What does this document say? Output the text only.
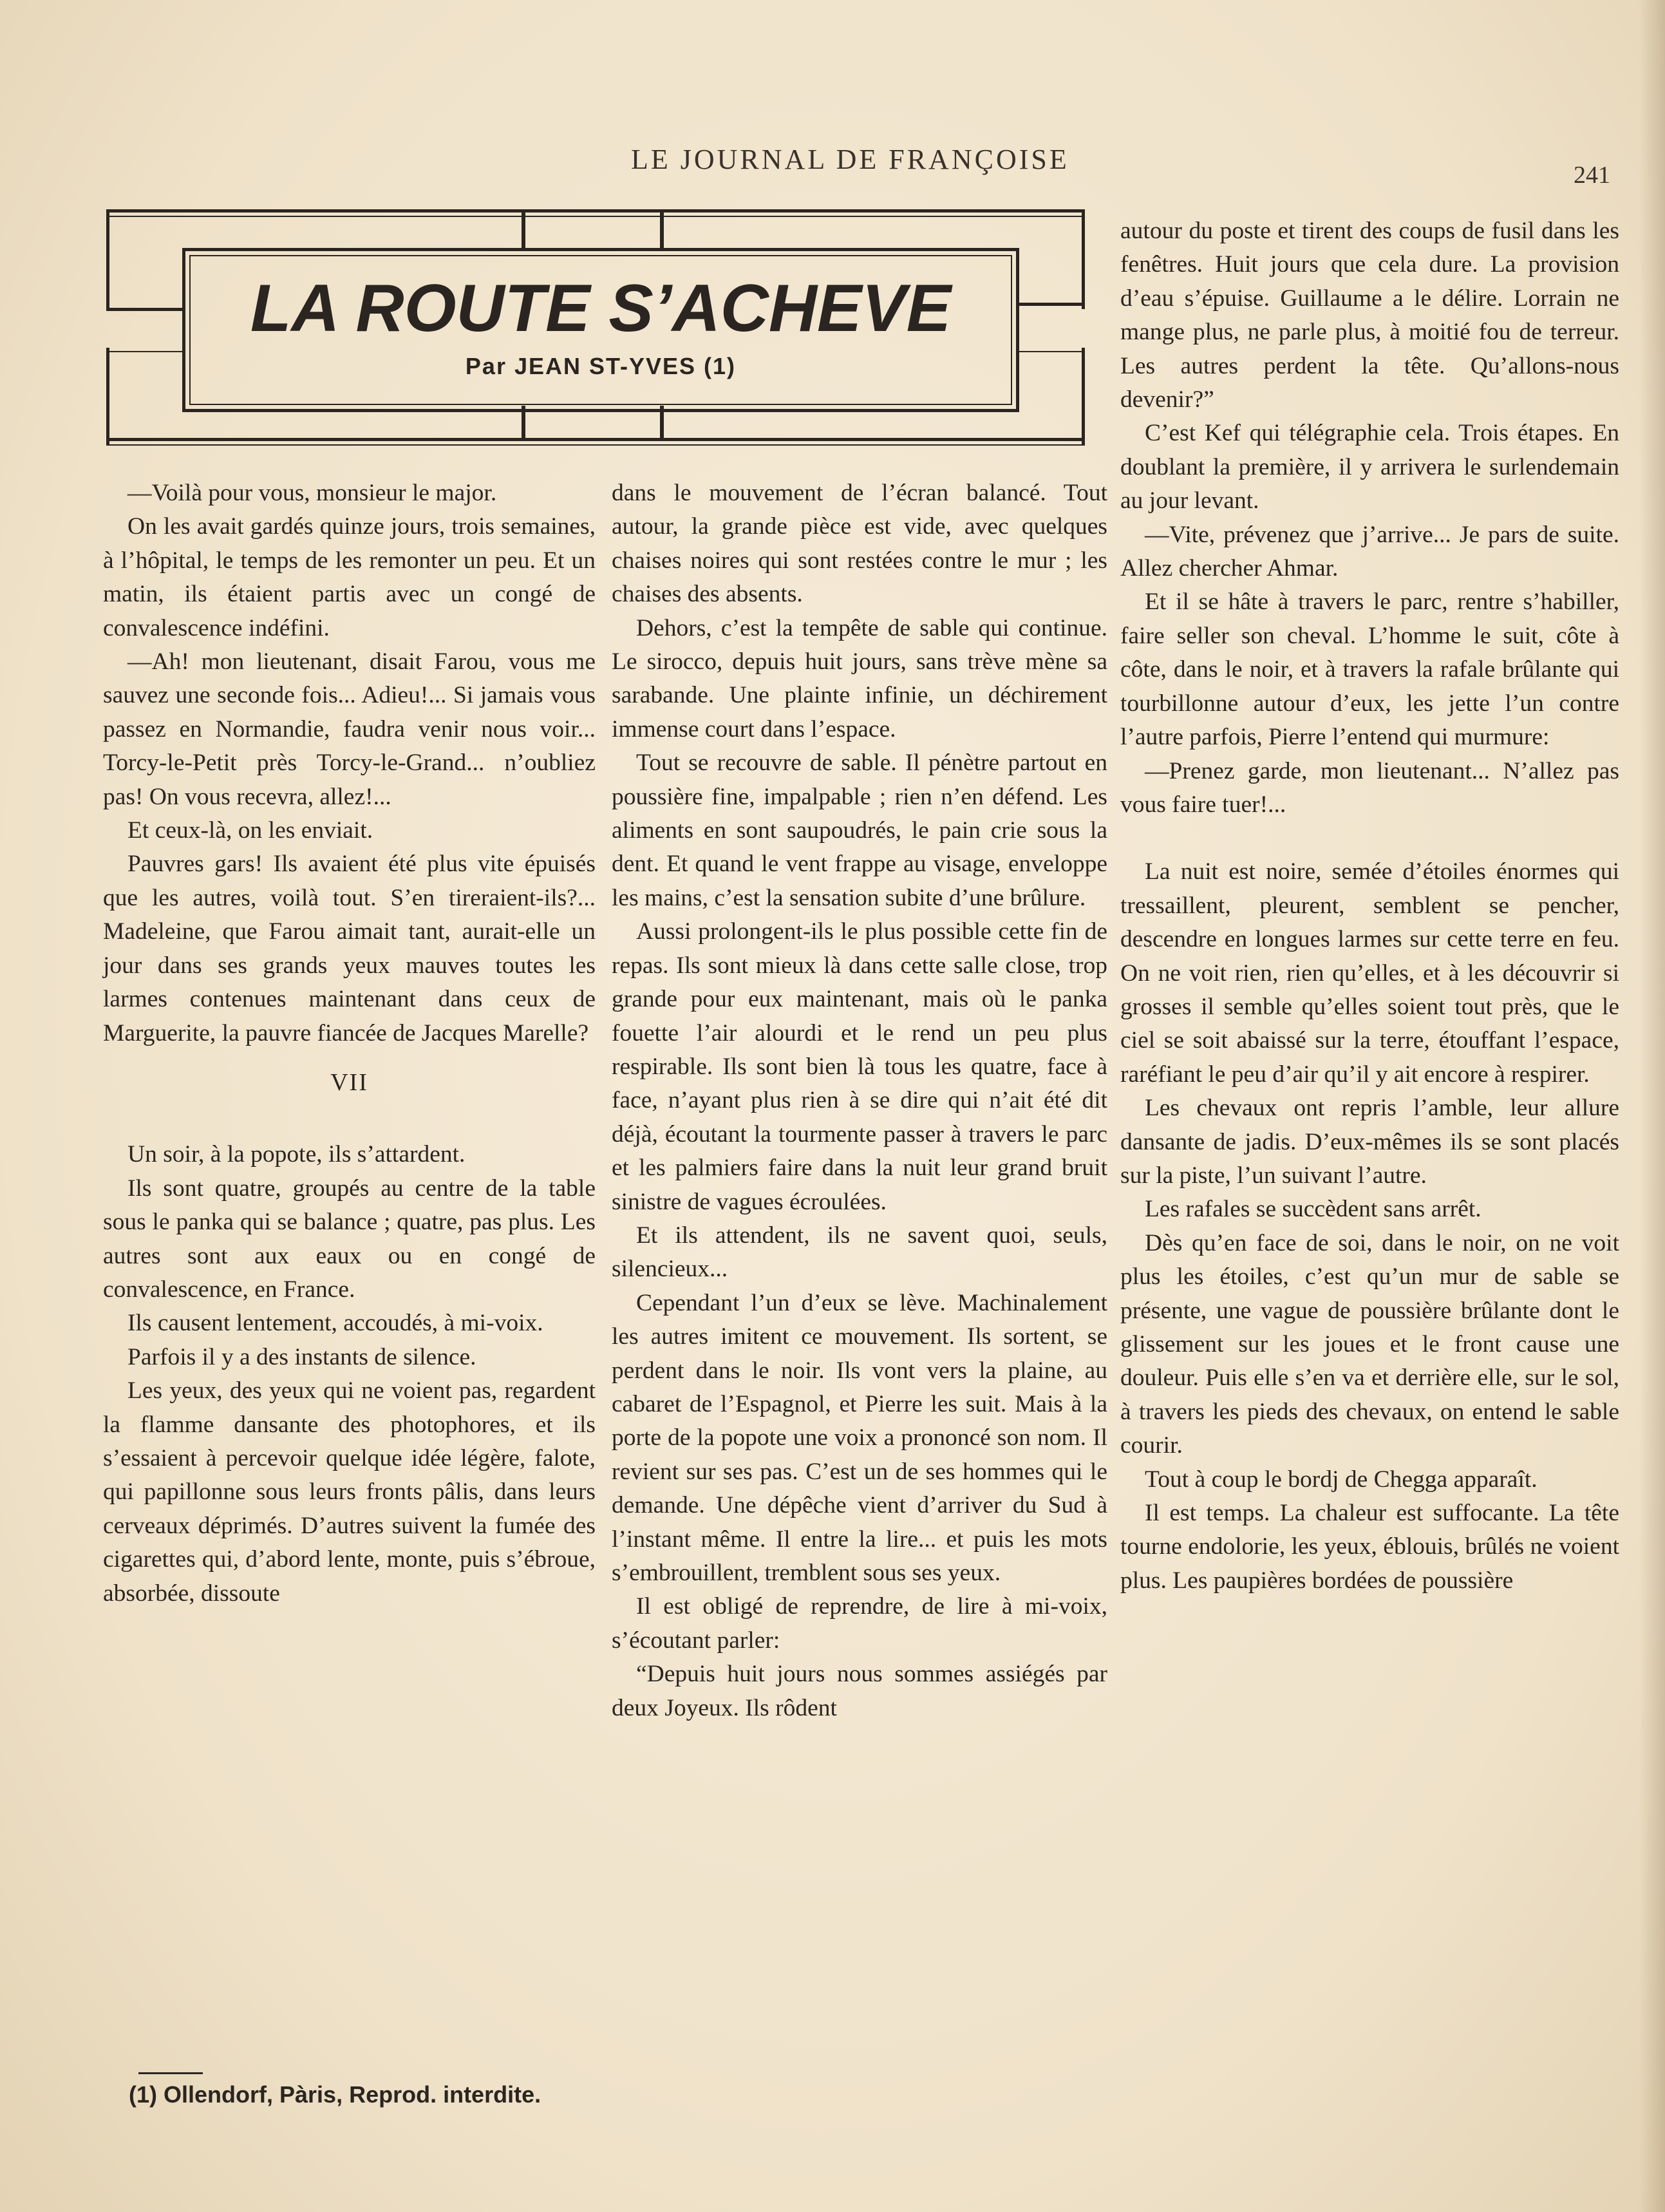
LE JOURNAL DE FRANÇOISE	241
LA ROUTE S’ACHEVE
Par JEAN ST-YVES (1)

—Voilà pour vous, monsieur le major.

On les avait gardés quinze jours, trois semaines, à l’hôpital, le temps de les remonter un peu. Et un matin, ils étaient partis avec un congé de convalescence indéfini.

—Ah! mon lieutenant, disait Farou, vous me sauvez une seconde fois... Adieu!... Si jamais vous passez en Normandie, faudra venir nous voir... Torcy-le-Petit près Torcy-le-Grand... n’oubliez pas! On vous recevra, allez!...

Et ceux-là, on les enviait.

Pauvres gars! Ils avaient été plus vite épuisés que les autres, voilà tout. S’en tireraient-ils?... Madeleine, que Farou aimait tant, aurait-elle un jour dans ses grands yeux mauves toutes les larmes contenues maintenant dans ceux de Marguerite, la pauvre fiancée de Jacques Marelle?

VII

Un soir, à la popote, ils s’attardent.

Ils sont quatre, groupés au centre de la table sous le panka qui se balance ; quatre, pas plus. Les autres sont aux eaux ou en congé de convalescence, en France.

Ils causent lentement, accoudés, à mi-voix.

Parfois il y a des instants de silence.

Les yeux, des yeux qui ne voient pas, regardent la flamme dansante des photophores, et ils s’essaient à percevoir quelque idée légère, falote, qui papillonne sous leurs fronts pâlis, dans leurs cerveaux déprimés. D’autres suivent la fumée des cigarettes qui, d’abord lente, monte, puis s’ébroue, absorbée, dissoute

dans le mouvement de l’écran balancé. Tout autour, la grande pièce est vide, avec quelques chaises noires qui sont restées contre le mur ; les chaises des absents.

Dehors, c’est la tempête de sable qui continue. Le sirocco, depuis huit jours, sans trève mène sa sarabande. Une plainte infinie, un déchirement immense court dans l’espace.

Tout se recouvre de sable. Il pénètre partout en poussière fine, impalpable ; rien n’en défend. Les aliments en sont saupoudrés, le pain crie sous la dent. Et quand le vent frappe au visage, enveloppe les mains, c’est la sensation subite d’une brûlure.

Aussi prolongent-ils le plus possible cette fin de repas. Ils sont mieux là dans cette salle close, trop grande pour eux maintenant, mais où le panka fouette l’air alourdi et le rend un peu plus respirable. Ils sont bien là tous les quatre, face à face, n’ayant plus rien à se dire qui n’ait été dit déjà, écoutant la tourmente passer à travers le parc et les palmiers faire dans la nuit leur grand bruit sinistre de vagues écroulées.

Et ils attendent, ils ne savent quoi, seuls, silencieux...

Cependant l’un d’eux se lève. Machinalement les autres imitent ce mouvement. Ils sortent, se perdent dans le noir. Ils vont vers la plaine, au cabaret de l’Espagnol, et Pierre les suit. Mais à la porte de la popote une voix a prononcé son nom. Il revient sur ses pas. C’est un de ses hommes qui le demande. Une dépêche vient d’arriver du Sud à l’instant même. Il entre la lire... et puis les mots s’embrouillent, tremblent sous ses yeux.

Il est obligé de reprendre, de lire à mi-voix, s’écoutant parler:

“Depuis huit jours nous sommes assiégés par deux Joyeux. Ils rôdent

autour du poste et tirent des coups de fusil dans les fenêtres. Huit jours que cela dure. La provision d’eau s’épuise. Guillaume a le délire. Lorrain ne mange plus, ne parle plus, à moitié fou de terreur. Les autres perdent la tête. Qu’allons-nous devenir?”

C’est Kef qui télégraphie cela. Trois étapes. En doublant la première, il y arrivera le surlendemain au jour levant.

—Vite, prévenez que j’arrive... Je pars de suite. Allez chercher Ahmar.

Et il se hâte à travers le parc, rentre s’habiller, faire seller son cheval. L’homme le suit, côte à côte, dans le noir, et à travers la rafale brûlante qui tourbillonne autour d’eux, les jette l’un contre l’autre parfois, Pierre l’entend qui murmure:

—Prenez garde, mon lieutenant... N’allez pas vous faire tuer!...

La nuit est noire, semée d’étoiles énormes qui tressaillent, pleurent, semblent se pencher, descendre en longues larmes sur cette terre en feu. On ne voit rien, rien qu’elles, et à les découvrir si grosses il semble qu’elles soient tout près, que le ciel se soit abaissé sur la terre, étouffant l’espace, raréfiant le peu d’air qu’il y ait encore à respirer.

Les chevaux ont repris l’amble, leur allure dansante de jadis. D’eux-mêmes ils se sont placés sur la piste, l’un suivant l’autre.

Les rafales se succèdent sans arrêt.

Dès qu’en face de soi, dans le noir, on ne voit plus les étoiles, c’est qu’un mur de sable se présente, une vague de poussière brûlante dont le glissement sur les joues et le front cause une douleur. Puis elle s’en va et derrière elle, sur le sol, à travers les pieds des chevaux, on entend le sable courir.

Tout à coup le bordj de Chegga apparaît.

Il est temps. La chaleur est suffocante. La tête tourne endolorie, les yeux, éblouis, brûlés ne voient plus. Les paupières bordées de poussière

(1) Ollendorf, Pàris, Reprod. interdite.
